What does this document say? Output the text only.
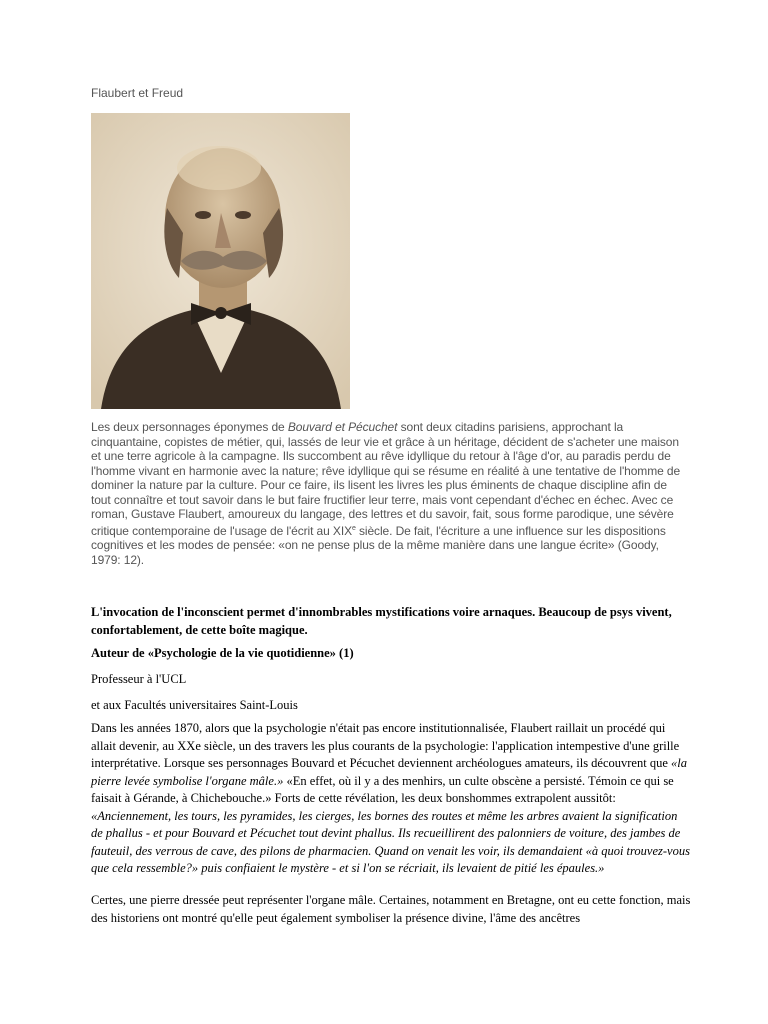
Flaubert et Freud
Les deux personnages éponymes de Bouvard et Pécuchet sont deux citadins parisiens, approchant la cinquantaine, copistes de métier, qui, lassés de leur vie et grâce à un héritage, décident de s'acheter une maison et une terre agricole à la campagne. Ils succombent au rêve idyllique du retour à l'âge d'or, au paradis perdu de l'homme vivant en harmonie avec la nature; rêve idyllique qui se résume en réalité à une tentative de l'homme de dominer la nature par la culture. Pour ce faire, ils lisent les livres les plus éminents de chaque discipline afin de tout connaître et tout savoir dans le but faire fructifier leur terre, mais vont cependant d'échec en échec. Avec ce roman, Gustave Flaubert, amoureux du langage, des lettres et du savoir, fait, sous forme parodique, une sévère critique contemporaine de l'usage de l'écrit au XIXe siècle. De fait, l'écriture a une influence sur les dispositions cognitives et les modes de pensée: «on ne pense plus de la même manière dans une langue écrite» (Goody, 1979: 12).
L'invocation de l'inconscient permet d'innombrables mystifications voire arnaques. Beaucoup de psys vivent, confortablement, de cette boîte magique.
Auteur de «Psychologie de la vie quotidienne» (1)
Professeur à l'UCL
et aux Facultés universitaires Saint-Louis
Dans les années 1870, alors que la psychologie n'était pas encore institutionnalisée, Flaubert raillait un procédé qui allait devenir, au XXe siècle, un des travers les plus courants de la psychologie: l'application intempestive d'une grille interprétative. Lorsque ses personnages Bouvard et Pécuchet deviennent archéologues amateurs, ils découvrent que «la pierre levée symbolise l'organe mâle.» «En effet, où il y a des menhirs, un culte obscène a persisté. Témoin ce qui se faisait à Gérande, à Chichebouche.» Forts de cette révélation, les deux bonshommes extrapolent aussitôt: «Anciennement, les tours, les pyramides, les cierges, les bornes des routes et même les arbres avaient la signification de phallus - et pour Bouvard et Pécuchet tout devint phallus. Ils recueillirent des palonniers de voiture, des jambes de fauteuil, des verrous de cave, des pilons de pharmacien. Quand on venait les voir, ils demandaient «à quoi trouvez-vous que cela ressemble?» puis confiaient le mystère - et si l'on se récriait, ils levaient de pitié les épaules.»
Certes, une pierre dressée peut représenter l'organe mâle. Certaines, notamment en Bretagne, ont eu cette fonction, mais des historiens ont montré qu'elle peut également symboliser la présence divine, l'âme des ancêtres
